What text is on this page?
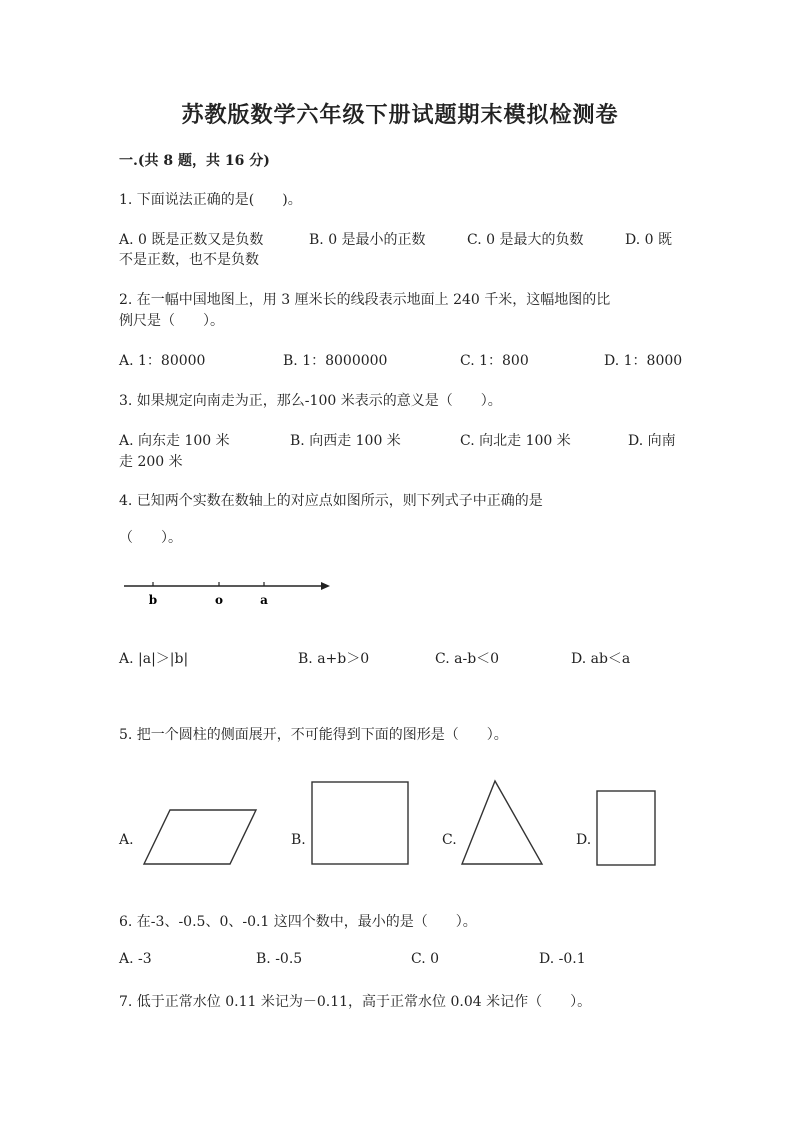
苏教版数学六年级下册试题期末模拟检测卷
一.(共 8 题，共 16 分)
1. 下面说法正确的是(　　)。
A. 0 既是正数又是负数	B. 0 是最小的正数	C. 0 是最大的负数	D. 0 既
不是正数，也不是负数
2. 在一幅中国地图上，用 3 厘米长的线段表示地面上 240 千米，这幅地图的比
例尺是（　　）。
A. 1：80000	B. 1：8000000	C. 1：800	D. 1：8000
3. 如果规定向南走为正，那么-100 米表示的意义是（　　）。
A. 向东走 100 米	B. 向西走 100 米	C. 向北走 100 米	D. 向南
走 200 米
4. 已知两个实数在数轴上的对应点如图所示，则下列式子中正确的是
（　　）。
b	o	a
A. |a|＞|b|	B. a+b＞0	C. a-b＜0	D. ab＜a
5. 把一个圆柱的侧面展开，不可能得到下面的图形是（　　）。
A.	B.	C.	D.
6. 在-3、-0.5、0、-0.1 这四个数中，最小的是（　　）。
A. -3	B. -0.5	C. 0	D. -0.1
7. 低于正常水位 0.11 米记为－0.11，高于正常水位 0.04 米记作（　　）。
